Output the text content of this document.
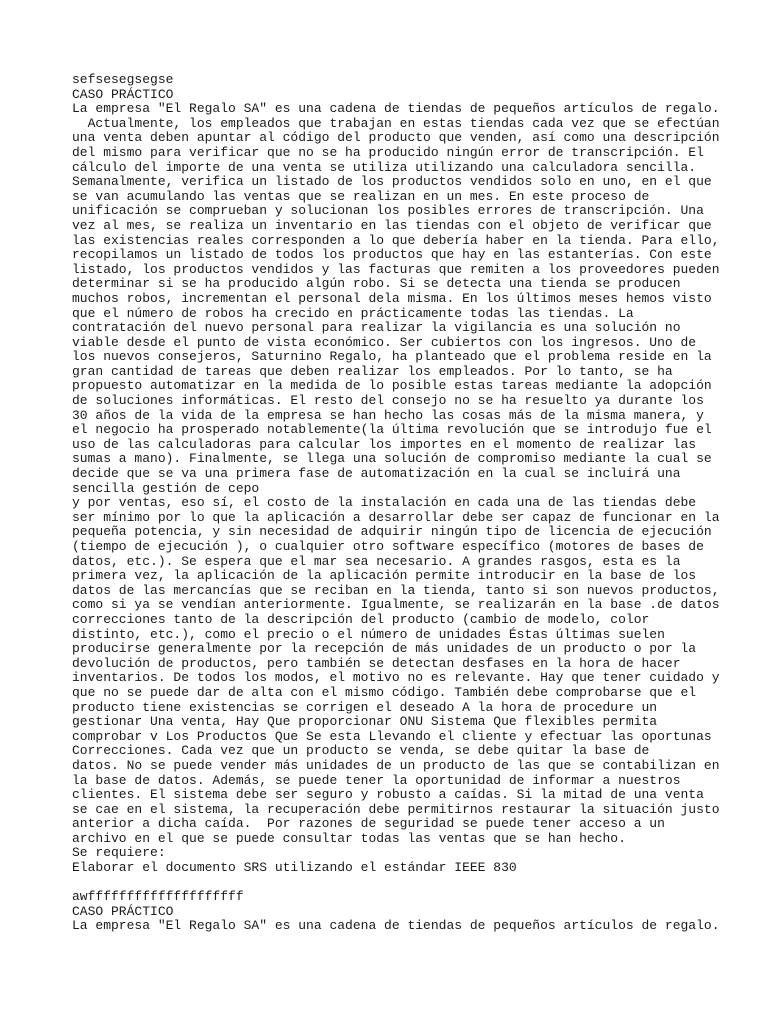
sefsesegsegse
CASO PRÁCTICO
La empresa "El Regalo SA" es una cadena de tiendas de pequeños artículos de regalo.
Actualmente, los empleados que trabajan en estas tiendas cada vez que se efectúan
una venta deben apuntar al código del producto que venden, así como una descripción
del mismo para verificar que no se ha producido ningún error de transcripción. El
cálculo del importe de una venta se utiliza utilizando una calculadora sencilla.
Semanalmente, verifica un listado de los productos vendidos solo en uno, en el que
se van acumulando las ventas que se realizan en un mes. En este proceso de
unificación se comprueban y solucionan los posibles errores de transcripción. Una
vez al mes, se realiza un inventario en las tiendas con el objeto de verificar que
las existencias reales corresponden a lo que debería haber en la tienda. Para ello,
recopilamos un listado de todos los productos que hay en las estanterías. Con este
listado, los productos vendidos y las facturas que remiten a los proveedores pueden
determinar si se ha producido algún robo. Si se detecta una tienda se producen
muchos robos, incrementan el personal dela misma. En los últimos meses hemos visto
que el número de robos ha crecido en prácticamente todas las tiendas. La
contratación del nuevo personal para realizar la vigilancia es una solución no
viable desde el punto de vista económico. Ser cubiertos con los ingresos. Uno de
los nuevos consejeros, Saturnino Regalo, ha planteado que el problema reside en la
gran cantidad de tareas que deben realizar los empleados. Por lo tanto, se ha
propuesto automatizar en la medida de lo posible estas tareas mediante la adopción
de soluciones informáticas. El resto del consejo no se ha resuelto ya durante los
30 años de la vida de la empresa se han hecho las cosas más de la misma manera, y
el negocio ha prosperado notablemente(la última revolución que se introdujo fue el
uso de las calculadoras para calcular los importes en el momento de realizar las
sumas a mano). Finalmente, se llega una solución de compromiso mediante la cual se
decide que se va una primera fase de automatización en la cual se incluirá una
sencilla gestión de cepo
y por ventas, eso sí, el costo de la instalación en cada una de las tiendas debe
ser mínimo por lo que la aplicación a desarrollar debe ser capaz de funcionar en la
pequeña potencia, y sin necesidad de adquirir ningún tipo de licencia de ejecución
(tiempo de ejecución ), o cualquier otro software específico (motores de bases de
datos, etc.). Se espera que el mar sea necesario. A grandes rasgos, esta es la
primera vez, la aplicación de la aplicación permite introducir en la base de los
datos de las mercancías que se reciban en la tienda, tanto si son nuevos productos,
como si ya se vendían anteriormente. Igualmente, se realizarán en la base .de datos
correcciones tanto de la descripción del producto (cambio de modelo, color
distinto, etc.), como el precio o el número de unidades Éstas últimas suelen
producirse generalmente por la recepción de más unidades de un producto o por la
devolución de productos, pero también se detectan desfases en la hora de hacer
inventarios. De todos los modos, el motivo no es relevante. Hay que tener cuidado y
que no se puede dar de alta con el mismo código. También debe comprobarse que el
producto tiene existencias se corrigen el deseado A la hora de procedure un
gestionar Una venta, Hay Que proporcionar ONU Sistema Que flexibles permita
comprobar v Los Productos Que Se esta Llevando el cliente y efectuar las oportunas
Correcciones. Cada vez que un producto se venda, se debe quitar la base de
datos. No se puede vender más unidades de un producto de las que se contabilizan en
la base de datos. Además, se puede tener la oportunidad de informar a nuestros
clientes. El sistema debe ser seguro y robusto a caídas. Si la mitad de una venta
se cae en el sistema, la recuperación debe permitirnos restaurar la situación justo
anterior a dicha caída.  Por razones de seguridad se puede tener acceso a un
archivo en el que se puede consultar todas las ventas que se han hecho.
Se requiere:
Elaborar el documento SRS utilizando el estándar IEEE 830
awffffffffffffffffffff
CASO PRÁCTICO
La empresa "El Regalo SA" es una cadena de tiendas de pequeños artículos de regalo.
